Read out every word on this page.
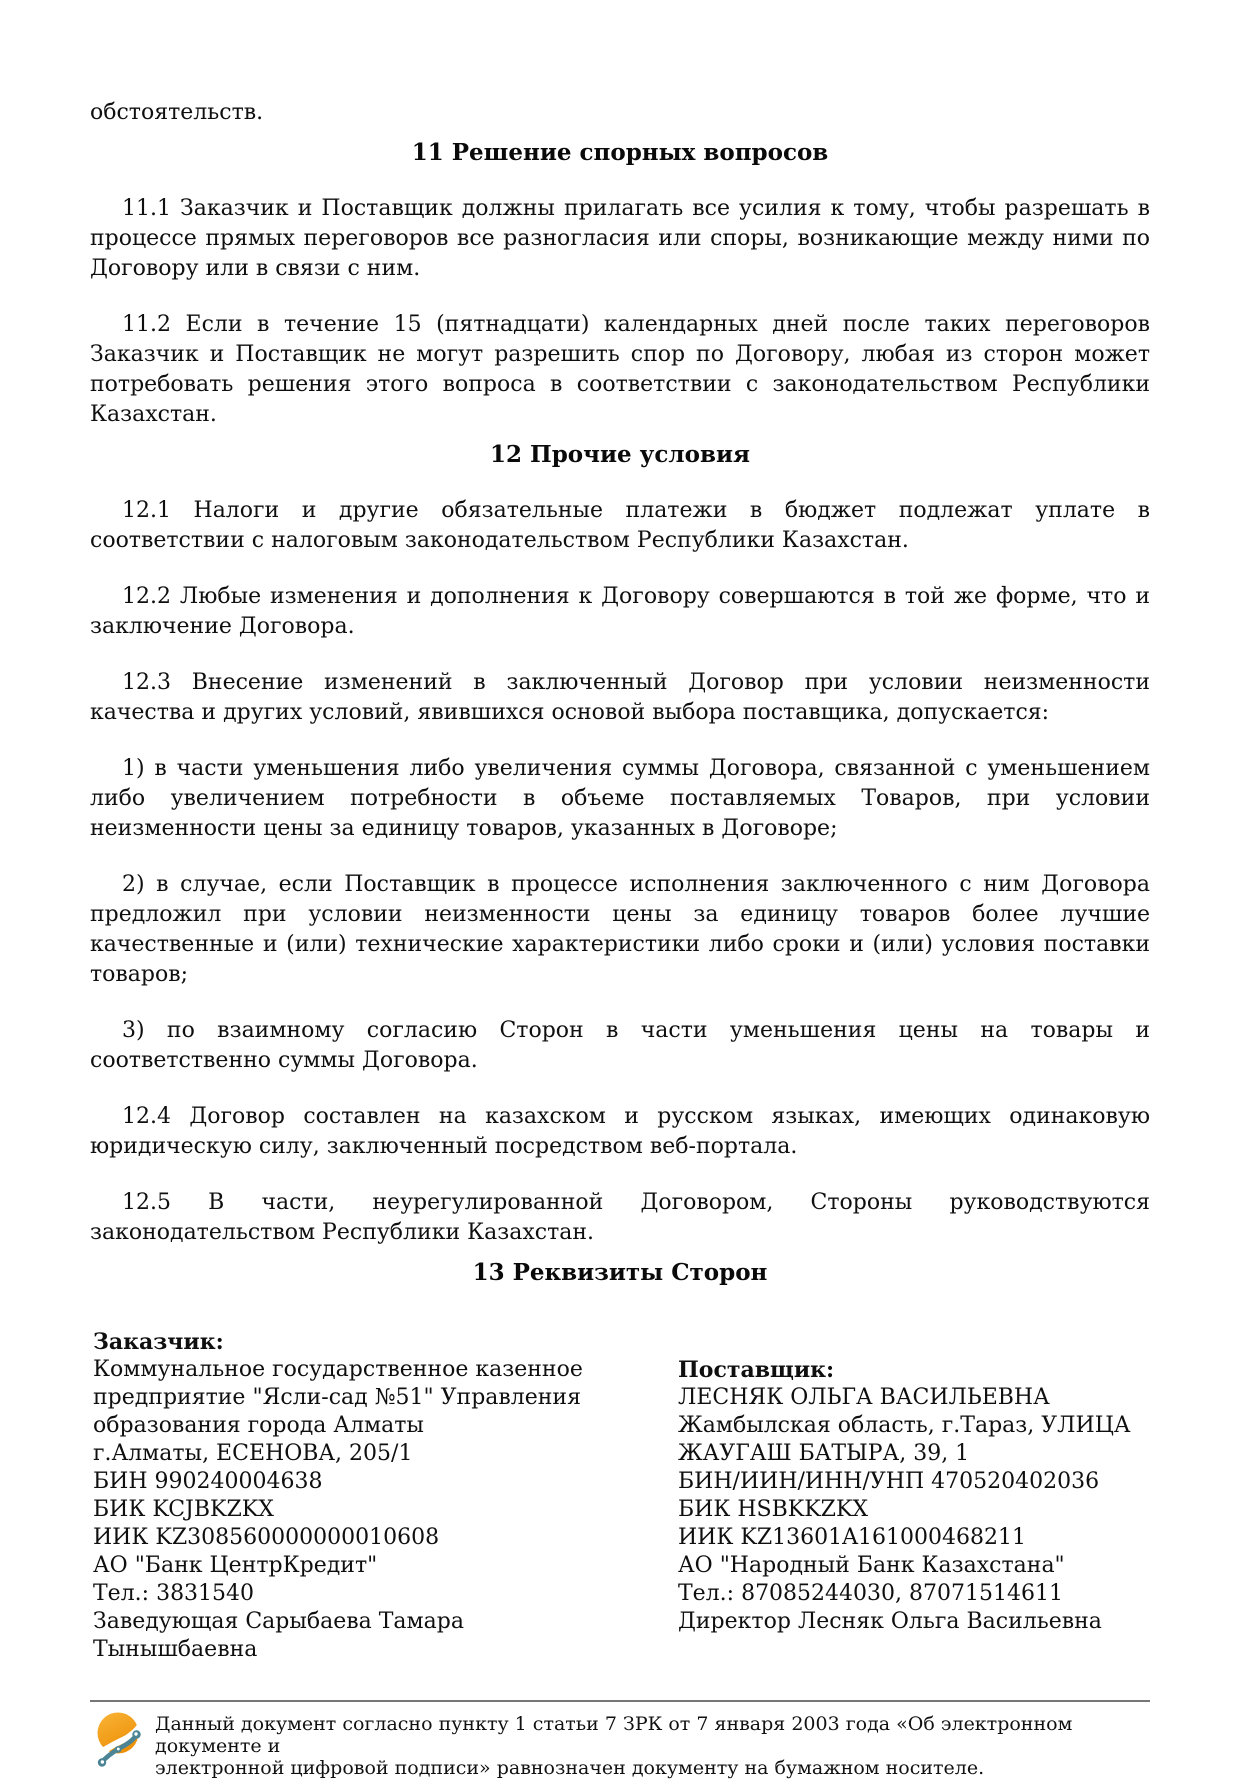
обстоятельств.

11 Решение спорных вопросов

11.1 Заказчик и Поставщик должны прилагать все усилия к тому, чтобы разрешать в процессе прямых переговоров все разногласия или споры, возникающие между ними по Договору или в связи с ним.

11.2 Если в течение 15 (пятнадцати) календарных дней после таких переговоров Заказчик и Поставщик не могут разрешить спор по Договору, любая из сторон может потребовать решения этого вопроса в соответствии с законодательством Республики Казахстан.

12 Прочие условия

12.1 Налоги и другие обязательные платежи в бюджет подлежат уплате в соответствии с налоговым законодательством Республики Казахстан.

12.2 Любые изменения и дополнения к Договору совершаются в той же форме, что и заключение Договора.

12.3 Внесение изменений в заключенный Договор при условии неизменности качества и других условий, явившихся основой выбора поставщика, допускается:

1) в части уменьшения либо увеличения суммы Договора, связанной с уменьшением либо увеличением потребности в объеме поставляемых Товаров, при условии неизменности цены за единицу товаров, указанных в Договоре;

2) в случае, если Поставщик в процессе исполнения заключенного с ним Договора предложил при условии неизменности цены за единицу товаров более лучшие качественные и (или) технические характеристики либо сроки и (или) условия поставки товаров;

3) по взаимному согласию Сторон в части уменьшения цены на товары и соответственно суммы Договора.

12.4 Договор составлен на казахском и русском языках, имеющих одинаковую юридическую силу, заключенный посредством веб-портала.

12.5 В части, неурегулированной Договором, Стороны руководствуются законодательством Республики Казахстан.

13 Реквизиты Сторон
Заказчик:
Коммунальное государственное казенное
предприятие "Ясли-сад №51" Управления
образования города Алматы
г.Алматы, ЕСЕНОВА, 205/1
БИН 990240004638
БИК KCJBKZKX
ИИК KZ308560000000010608
АО "Банк ЦентрКредит"
Тел.: 3831540
Заведующая Сарыбаева Тамара
Тынышбаевна
Поставщик:
ЛЕСНЯК ОЛЬГА ВАСИЛЬЕВНА
Жамбылская область, г.Тараз, УЛИЦА
ЖАУГАШ БАТЫРА, 39, 1
БИН/ИИН/ИНН/УНП 470520402036
БИК HSBKKZKX
ИИК KZ13601A161000468211
АО "Народный Банк Казахстана"
Тел.: 87085244030, 87071514611
Директор Лесняк Ольга Васильевна
Данный документ согласно пункту 1 статьи 7 ЗРК от 7 января 2003 года «Об электронном документе и
электронной цифровой подписи» равнозначен документу на бумажном носителе.
